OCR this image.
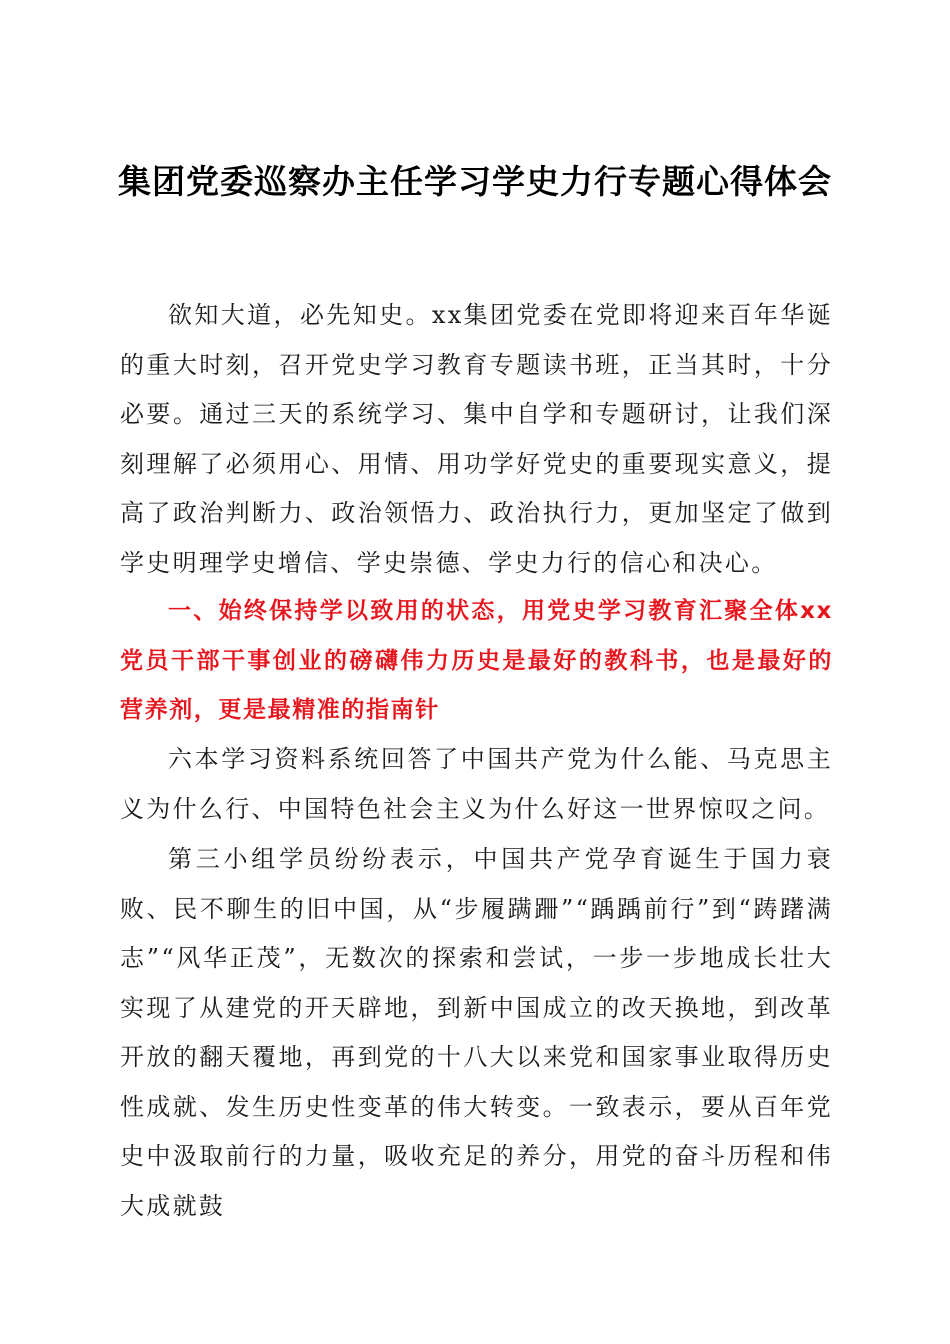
集团党委巡察办主任学习学史力行专题心得体会

欲知大道，必先知史。xx集团党委在党即将迎来百年华诞的重大时刻，召开党史学习教育专题读书班，正当其时，十分必要。通过三天的系统学习、集中自学和专题研讨，让我们深刻理解了必须用心、用情、用功学好党史的重要现实意义，提高了政治判断力、政治领悟力、政治执行力，更加坚定了做到学史明理学史增信、学史崇德、学史力行的信心和决心。

一、始终保持学以致用的状态，用党史学习教育汇聚全体xx党员干部干事创业的磅礴伟力历史是最好的教科书，也是最好的营养剂，更是最精准的指南针

六本学习资料系统回答了中国共产党为什么能、马克思主义为什么行、中国特色社会主义为什么好这一世界惊叹之问。

第三小组学员纷纷表示，中国共产党孕育诞生于国力衰败、民不聊生的旧中国，从“步履蹒跚”“踽踽前行”到“踌躇满志”“风华正茂”，无数次的探索和尝试，一步一步地成长壮大实现了从建党的开天辟地，到新中国成立的改天换地，到改革开放的翻天覆地，再到党的十八大以来党和国家事业取得历史性成就、发生历史性变革的伟大转变。一致表示，要从百年党史中汲取前行的力量，吸收充足的养分，用党的奋斗历程和伟大成就鼓
